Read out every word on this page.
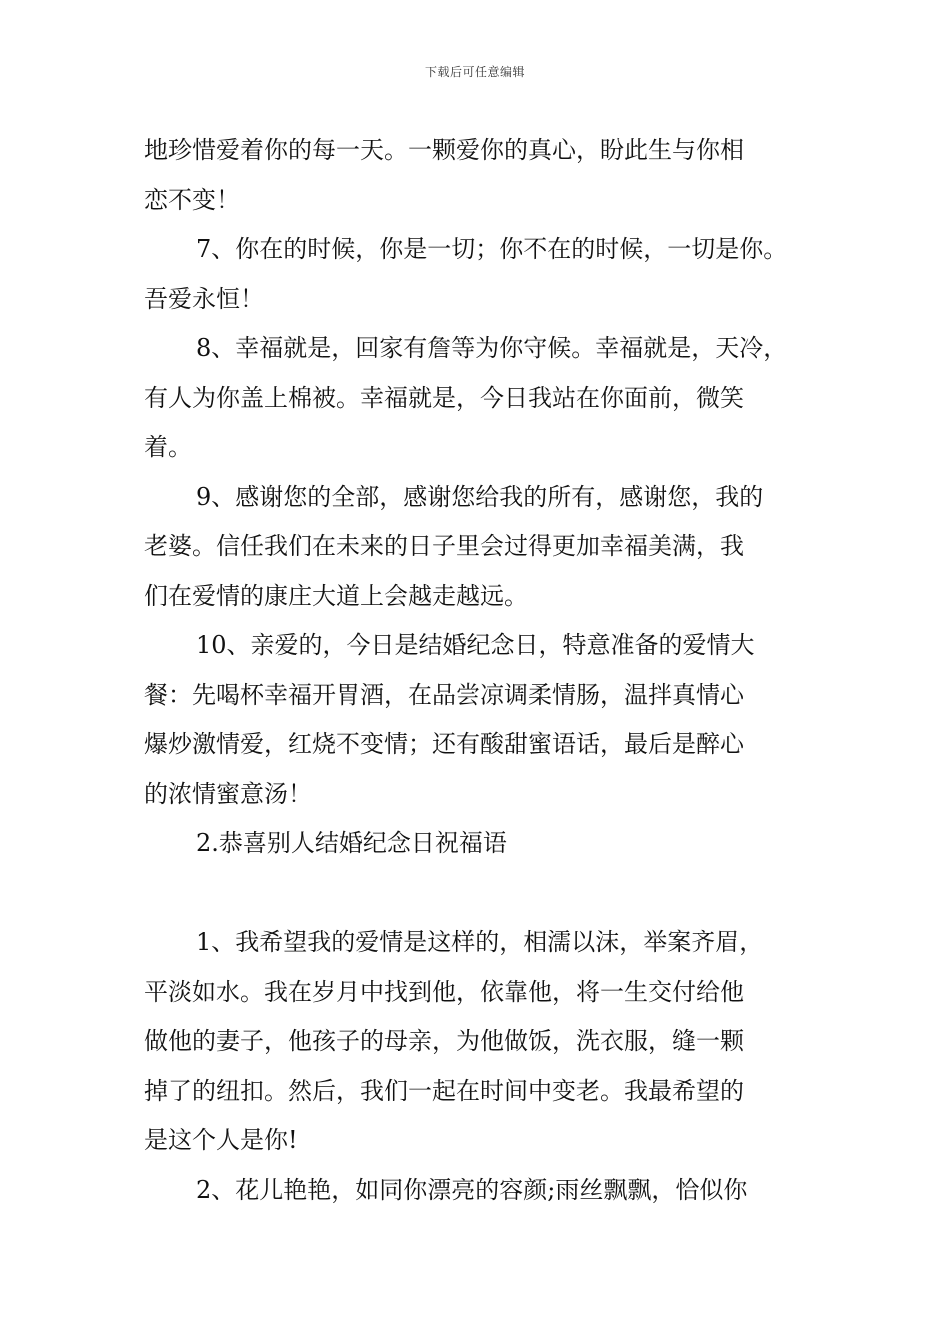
下载后可任意编辑
地珍惜爱着你的每一天。一颗爱你的真心，盼此生与你相
恋不变！
7、你在的时候，你是一切；你不在的时候，一切是你。
吾爱永恒！
8、幸福就是，回家有詹等为你守候。幸福就是，天冷，
有人为你盖上棉被。幸福就是，今日我站在你面前，微笑
着。
9、感谢您的全部，感谢您给我的所有，感谢您，我的
老婆。信任我们在未来的日子里会过得更加幸福美满，我
们在爱情的康庄大道上会越走越远。
10、亲爱的，今日是结婚纪念日，特意准备的爱情大
餐：先喝杯幸福开胃酒，在品尝凉调柔情肠，温拌真情心
爆炒激情爱，红烧不变情；还有酸甜蜜语话，最后是醉心
的浓情蜜意汤！
2.恭喜别人结婚纪念日祝福语
1、我希望我的爱情是这样的，相濡以沫，举案齐眉，
平淡如水。我在岁月中找到他，依靠他，将一生交付给他
做他的妻子，他孩子的母亲，为他做饭，洗衣服，缝一颗
掉了的纽扣。然后，我们一起在时间中变老。我最希望的
是这个人是你!
2、花儿艳艳，如同你漂亮的容颜;雨丝飘飘，恰似你
